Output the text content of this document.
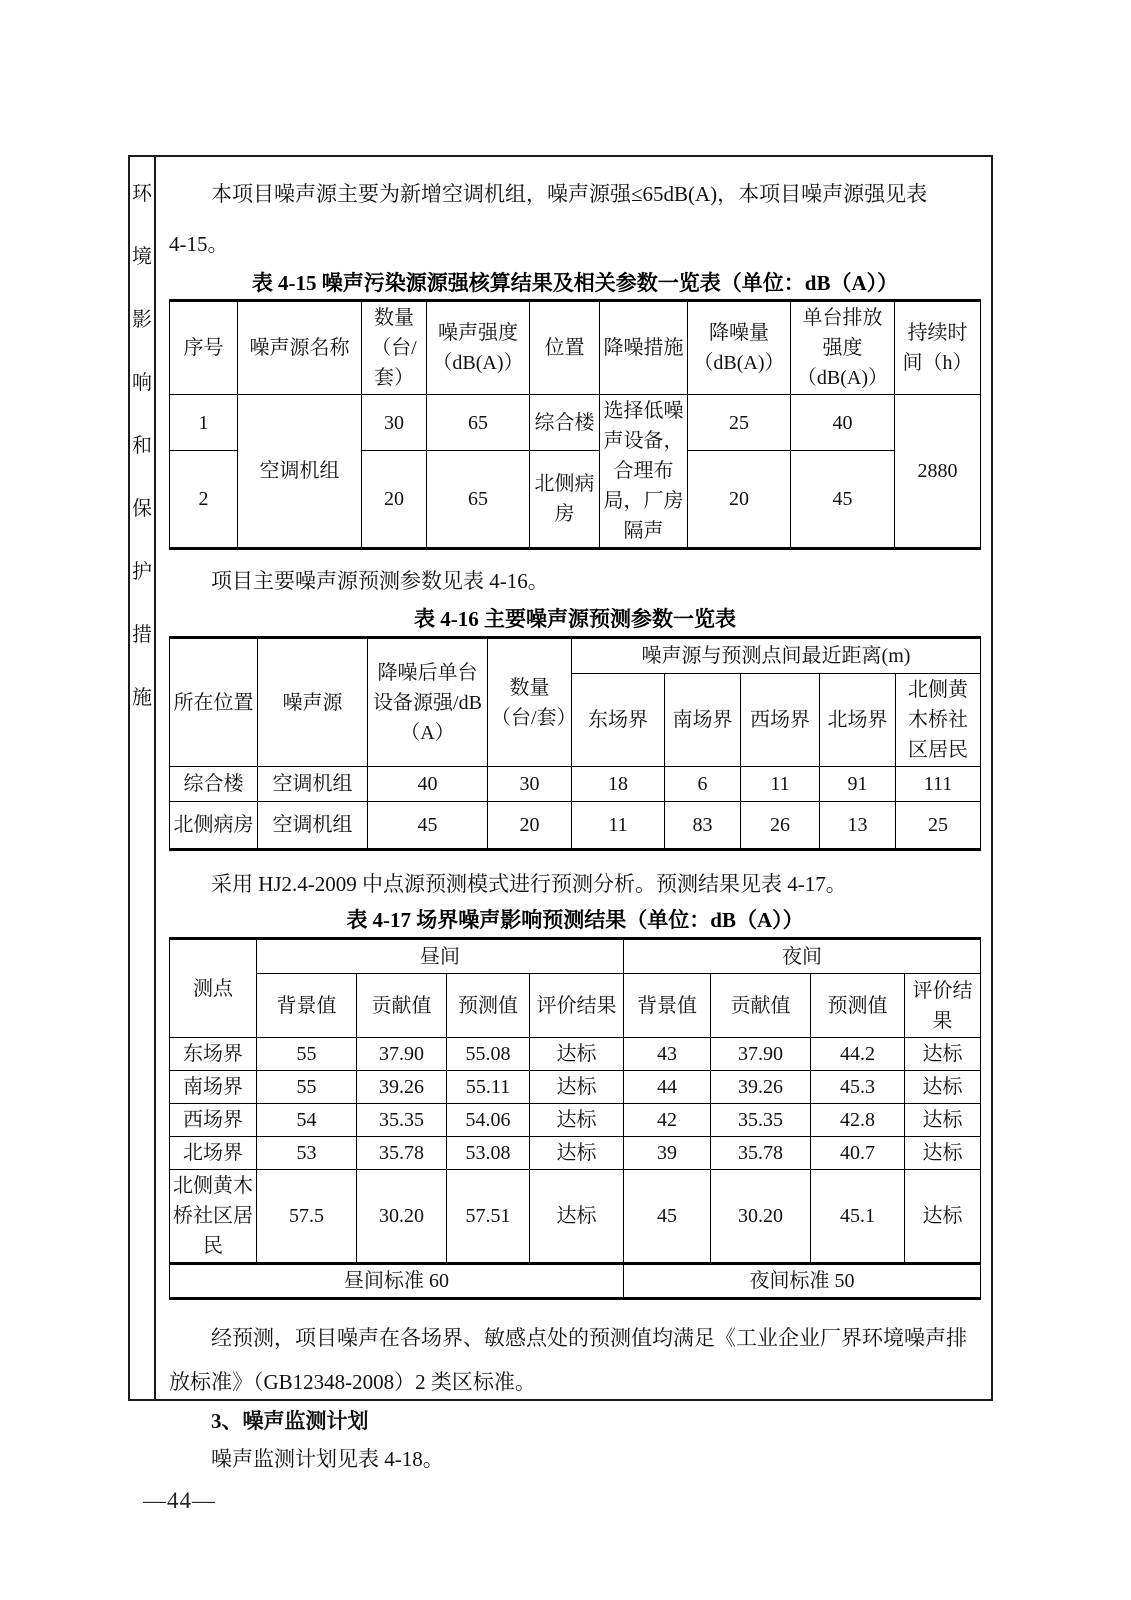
环境影响和保护措施

本项目噪声源主要为新增空调机组，噪声源强≤65dB(A)，本项目噪声源强见表
4-15。

表 4-15 噪声污染源源强核算结果及相关参数一览表（单位：dB（A））
序号	噪声源名称	数量（台/套）	噪声强度（dB(A)）	位置	降噪措施	降噪量（dB(A)）	单台排放强度（dB(A)）	持续时间（h）
1	空调机组	30	65	综合楼	选择低噪声设备，合理布局，厂房隔声	25	40	2880
2		20	65	北侧病房		20	45	

项目主要噪声源预测参数见表 4-16。

表 4-16 主要噪声源预测参数一览表
所在位置	噪声源	降噪后单台设备源强/dB（A）	数量（台/套）	噪声源与预测点间最近距离(m)				
				东场界	南场界	西场界	北场界	北侧黄木桥社区居民
综合楼	空调机组	40	30	18	6	11	91	111
北侧病房	空调机组	45	20	11	83	26	13	25

采用 HJ2.4-2009 中点源预测模式进行预测分析。预测结果见表 4-17。

表 4-17 场界噪声影响预测结果（单位：dB（A））
测点	昼间				夜间			
	背景值	贡献值	预测值	评价结果	背景值	贡献值	预测值	评价结果
东场界	55	37.90	55.08	达标	43	37.90	44.2	达标
南场界	55	39.26	55.11	达标	44	39.26	45.3	达标
西场界	54	35.35	54.06	达标	42	35.35	42.8	达标
北场界	53	35.78	53.08	达标	39	35.78	40.7	达标
北侧黄木桥社区居民	57.5	30.20	57.51	达标	45	30.20	45.1	达标
昼间标准 60					夜间标准 50			

经预测，项目噪声在各场界、敏感点处的预测值均满足《工业企业厂界环境噪声排放标准》（GB12348-2008）2 类区标准。

3、噪声监测计划

噪声监测计划见表 4-18。

—44—
